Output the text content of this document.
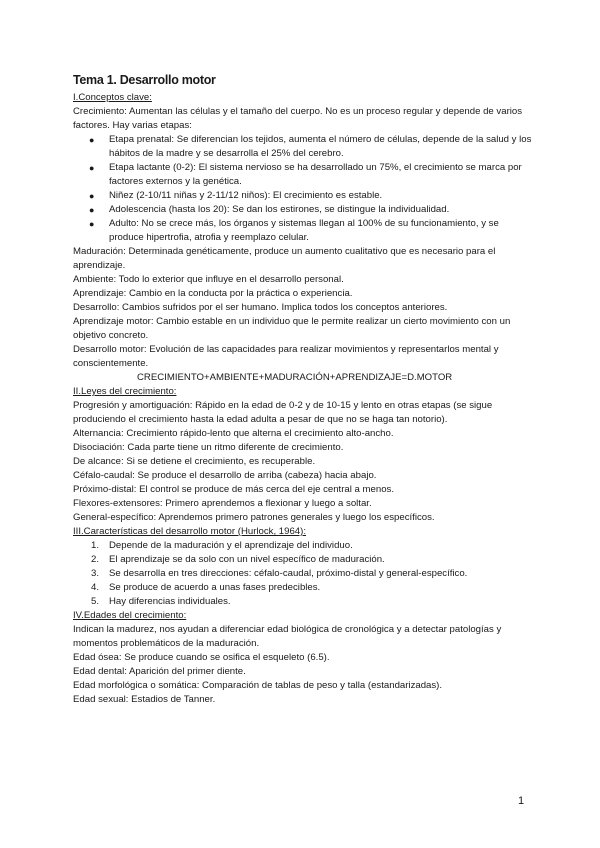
Tema 1. Desarrollo motor
I.Conceptos clave:

Crecimiento: Aumentan las células y el tamaño del cuerpo. No es un proceso regular y depende de varios factores. Hay varias etapas:

● Etapa prenatal: Se diferencian los tejidos, aumenta el número de células, depende de la salud y los hábitos de la madre y se desarrolla el 25% del cerebro.
● Etapa lactante (0-2): El sistema nervioso se ha desarrollado un 75%, el crecimiento se marca por factores externos y la genética.
● Niñez (2-10/11 niñas y 2-11/12 niños): El crecimiento es estable.
● Adolescencia (hasta los 20): Se dan los estirones, se distingue la individualidad.
● Adulto: No se crece más, los órganos y sistemas llegan al 100% de su funcionamiento, y se produce hipertrofia, atrofia y reemplazo celular.

Maduración: Determinada genéticamente, produce un aumento cualitativo que es necesario para el aprendizaje.

Ambiente: Todo lo exterior que influye en el desarrollo personal.

Aprendizaje: Cambio en la conducta por la práctica o experiencia.

Desarrollo: Cambios sufridos por el ser humano. Implica todos los conceptos anteriores.

Aprendizaje motor: Cambio estable en un individuo que le permite realizar un cierto movimiento con un objetivo concreto.

Desarrollo motor: Evolución de las capacidades para realizar movimientos y representarlos mental y conscientemente.

CRECIMIENTO+AMBIENTE+MADURACIÓN+APRENDIZAJE=D.MOTOR

II.Leyes del crecimiento:

Progresión y amortiguación: Rápido en la edad de 0-2 y de 10-15 y lento en otras etapas (se sigue produciendo el crecimiento hasta la edad adulta a pesar de que no se haga tan notorio).

Alternancia: Crecimiento rápido-lento que alterna el crecimiento alto-ancho.

Disociación: Cada parte tiene un ritmo diferente de crecimiento.

De alcance: Si se detiene el crecimiento, es recuperable.

Céfalo-caudal: Se produce el desarrollo de arriba (cabeza) hacia abajo.

Próximo-distal: El control se produce de más cerca del eje central a menos.

Flexores-extensores: Primero aprendemos a flexionar y luego a soltar.

General-específico: Aprendemos primero patrones generales y luego los específicos.

III.Características del desarrollo motor (Hurlock, 1964):
1. Depende de la maduración y el aprendizaje del individuo.
2. El aprendizaje se da solo con un nivel específico de maduración.
3. Se desarrolla en tres direcciones: céfalo-caudal, próximo-distal y general-específico.
4. Se produce de acuerdo a unas fases predecibles.
5. Hay diferencias individuales.
IV.Edades del crecimiento:

Indican la madurez, nos ayudan a diferenciar edad biológica de cronológica y a detectar patologías y momentos problemáticos de la maduración.

Edad ósea: Se produce cuando se osifica el esqueleto (6.5).

Edad dental: Aparición del primer diente.

Edad morfológica o somática: Comparación de tablas de peso y talla (estandarizadas).

Edad sexual: Estadios de Tanner.

1
